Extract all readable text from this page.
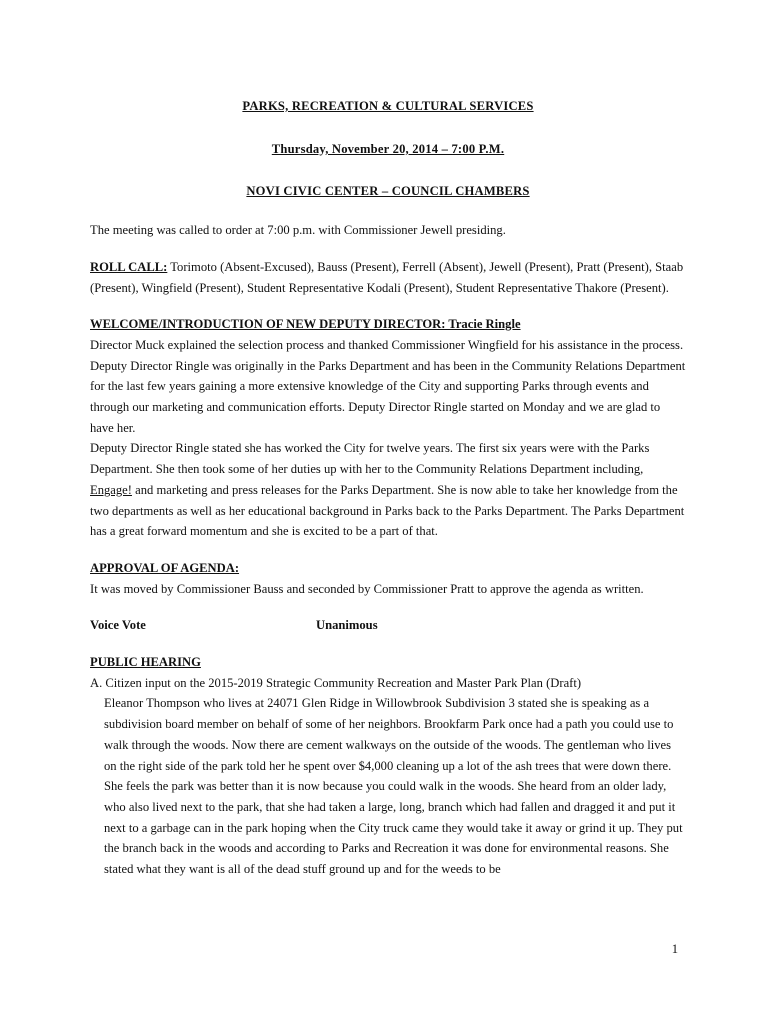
PARKS, RECREATION & CULTURAL SERVICES

Thursday, November 20, 2014 – 7:00 P.M.

NOVI CIVIC CENTER – COUNCIL CHAMBERS

The meeting was called to order at 7:00 p.m. with Commissioner Jewell presiding.

ROLL CALL: Torimoto (Absent-Excused), Bauss (Present), Ferrell (Absent), Jewell (Present), Pratt (Present), Staab (Present), Wingfield (Present), Student Representative Kodali (Present), Student Representative Thakore (Present).

WELCOME/INTRODUCTION OF NEW DEPUTY DIRECTOR: Tracie Ringle

Director Muck explained the selection process and thanked Commissioner Wingfield for his assistance in the process. Deputy Director Ringle was originally in the Parks Department and has been in the Community Relations Department for the last few years gaining a more extensive knowledge of the City and supporting Parks through events and through our marketing and communication efforts. Deputy Director Ringle started on Monday and we are glad to have her.

Deputy Director Ringle stated she has worked the City for twelve years. The first six years were with the Parks Department. She then took some of her duties up with her to the Community Relations Department including, Engage! and marketing and press releases for the Parks Department. She is now able to take her knowledge from the two departments as well as her educational background in Parks back to the Parks Department. The Parks Department has a great forward momentum and she is excited to be a part of that.

APPROVAL OF AGENDA:

It was moved by Commissioner Bauss and seconded by Commissioner Pratt to approve the agenda as written.

Voice Vote	Unanimous

PUBLIC HEARING

A. Citizen input on the 2015-2019 Strategic Community Recreation and Master Park Plan (Draft)

Eleanor Thompson who lives at 24071 Glen Ridge in Willowbrook Subdivision 3 stated she is speaking as a subdivision board member on behalf of some of her neighbors. Brookfarm Park once had a path you could use to walk through the woods. Now there are cement walkways on the outside of the woods. The gentleman who lives on the right side of the park told her he spent over $4,000 cleaning up a lot of the ash trees that were down there. She feels the park was better than it is now because you could walk in the woods. She heard from an older lady, who also lived next to the park, that she had taken a large, long, branch which had fallen and dragged it and put it next to a garbage can in the park hoping when the City truck came they would take it away or grind it up. They put the branch back in the woods and according to Parks and Recreation it was done for environmental reasons. She stated what they want is all of the dead stuff ground up and for the weeds to be

1
